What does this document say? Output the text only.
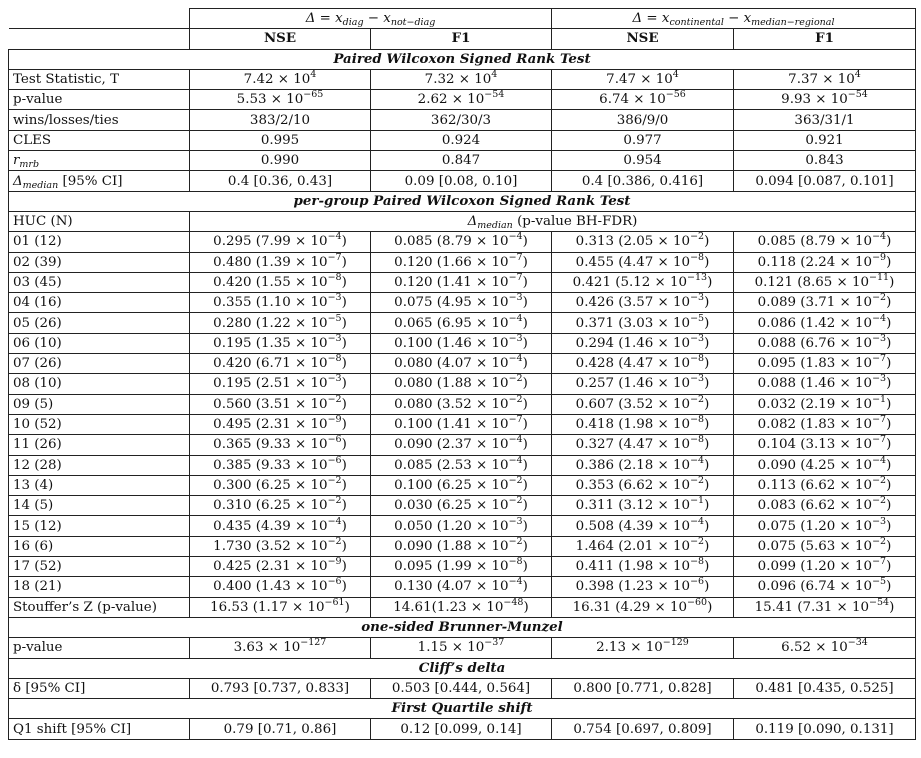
	$\Delta = x_{diag} - x_{not-diag}$		$\Delta = x_{continental} - x_{median-regional}$
	NSE	F1	NSE	F1
Paired Wilcoxon Signed Rank Test				
Test Statistic, T	$7.42 \times 10^4$	$7.32 \times 10^4$	$7.47 \times 10^4$	$7.37 \times 10^4$
p-value	$5.53 \times 10^{-65}$	$2.62 \times 10^{-54}$	$6.74 \times 10^{-56}$	$9.93 \times 10^{-54}$
wins/losses/ties	383/2/10	362/30/3	386/9/0	363/31/1
CLES	0.995	0.924	0.977	0.921
$r_{mrb}$	0.990	0.847	0.954	0.843
$\Delta_{median}$ [95% CI]	0.4 [0.36, 0.43]	0.09 [0.08, 0.10]	0.4 [0.386, 0.416]	0.094 [0.087, 0.101]
per-group Paired Wilcoxon Signed Rank Test				
HUC (N)	$\Delta_{median}$ (p-value BH-FDR)			
01 (12)	0.295 $(7.99 \times 10^{-4})$	0.085 $(8.79 \times 10^{-4})$	0.313 $(2.05 \times 10^{-2})$	0.085 $(8.79 \times 10^{-4})$
02 (39)	0.480 $(1.39 \times 10^{-7})$	0.120 $(1.66 \times 10^{-7})$	0.455 $(4.47 \times 10^{-8})$	0.118 $(2.24 \times 10^{-9})$
03 (45)	0.420 $(1.55 \times 10^{-8})$	0.120 $(1.41 \times 10^{-7})$	0.421 $(5.12 \times 10^{-13})$	0.121 $(8.65 \times 10^{-11})$
04 (16)	0.355 $(1.10 \times 10^{-3})$	0.075 $(4.95 \times 10^{-3})$	0.426 $(3.57 \times 10^{-3})$	0.089 $(3.71 \times 10^{-2})$
05 (26)	0.280 $(1.22 \times 10^{-5})$	0.065 $(6.95 \times 10^{-4})$	0.371 $(3.03 \times 10^{-5})$	0.086 $(1.42 \times 10^{-4})$
06 (10)	0.195 $(1.35 \times 10^{-3})$	0.100 $(1.46 \times 10^{-3})$	0.294 $(1.46 \times 10^{-3})$	0.088 $(6.76 \times 10^{-3})$
07 (26)	0.420 $(6.71 \times 10^{-8})$	0.080 $(4.07 \times 10^{-4})$	0.428 $(4.47 \times 10^{-8})$	0.095 $(1.83 \times 10^{-7})$
08 (10)	0.195 $(2.51 \times 10^{-3})$	0.080 $(1.88 \times 10^{-2})$	0.257 $(1.46 \times 10^{-3})$	0.088 $(1.46 \times 10^{-3})$
09 (5)	0.560 $(3.51 \times 10^{-2})$	0.080 $(3.52 \times 10^{-2})$	0.607 $(3.52 \times 10^{-2})$	0.032 $(2.19 \times 10^{-1})$
10 (52)	0.495 $(2.31 \times 10^{-9})$	0.100 $(1.41 \times 10^{-7})$	0.418 $(1.98 \times 10^{-8})$	0.082 $(1.83 \times 10^{-7})$
11 (26)	0.365 $(9.33 \times 10^{-6})$	0.090 $(2.37 \times 10^{-4})$	0.327 $(4.47 \times 10^{-8})$	0.104 $(3.13 \times 10^{-7})$
12 (28)	0.385 $(9.33 \times 10^{-6})$	0.085 $(2.53 \times 10^{-4})$	0.386 $(2.18 \times 10^{-4})$	0.090 $(4.25 \times 10^{-4})$
13 (4)	0.300 $(6.25 \times 10^{-2})$	0.100 $(6.25 \times 10^{-2})$	0.353 $(6.62 \times 10^{-2})$	0.113 $(6.62 \times 10^{-2})$
14 (5)	0.310 $(6.25 \times 10^{-2})$	0.030 $(6.25 \times 10^{-2})$	0.311 $(3.12 \times 10^{-1})$	0.083 $(6.62 \times 10^{-2})$
15 (12)	0.435 $(4.39 \times 10^{-4})$	0.050 $(1.20 \times 10^{-3})$	0.508 $(4.39 \times 10^{-4})$	0.075 $(1.20 \times 10^{-3})$
16 (6)	1.730 $(3.52 \times 10^{-2})$	0.090 $(1.88 \times 10^{-2})$	1.464 $(2.01 \times 10^{-2})$	0.075 $(5.63 \times 10^{-2})$
17 (52)	0.425 $(2.31 \times 10^{-9})$	0.095 $(1.99 \times 10^{-8})$	0.411 $(1.98 \times 10^{-8})$	0.099 $(1.20 \times 10^{-7})$
18 (21)	0.400 $(1.43 \times 10^{-6})$	0.130 $(4.07 \times 10^{-4})$	0.398 $(1.23 \times 10^{-6})$	0.096 $(6.74 \times 10^{-5})$
Stouffer’s Z (p-value)	16.53 $(1.17 \times 10^{-61})$	$14.61(1.23 \times 10^{-48})$	16.31 $(4.29 \times 10^{-60})$	15.41 $(7.31 \times 10^{-54})$
one-sided Brunner-Munzel				
p-value	$3.63 \times 10^{-127}$	$1.15 \times 10^{-37}$	$2.13 \times 10^{-129}$	$6.52 \times 10^{-34}$
Cliff’s delta				
δ [95% CI]	0.793 [0.737, 0.833]	0.503 [0.444, 0.564]	0.800 [0.771, 0.828]	0.481 [0.435, 0.525]
First Quartile shift				
Q1 shift [95% CI]	0.79 [0.71, 0.86]	0.12 [0.099, 0.14]	0.754 [0.697, 0.809]	0.119 [0.090, 0.131]
